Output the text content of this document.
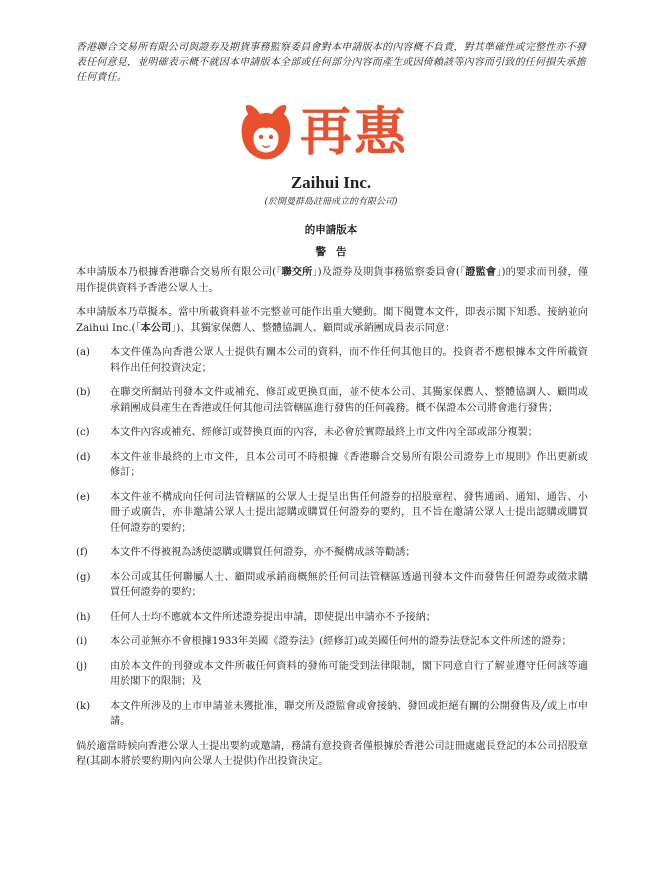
香港聯合交易所有限公司與證券及期貨事務監察委員會對本申請版本的內容概不負責，對其準確性或完整性亦不發表任何意見，並明確表示概不就因本申請版本全部或任何部分內容而產生或因倚賴該等內容而引致的任何損失承擔任何責任。
再惠
Zaihui Inc.
(於開曼群島註冊成立的有限公司)
的申請版本
警告

本申請版本乃根據香港聯合交易所有限公司(「聯交所」)及證券及期貨事務監察委員會(「證監會」)的要求而刊發，僅用作提供資料予香港公眾人士。

本申請版本乃草擬本。當中所載資料並不完整並可能作出重大變動。閣下閱覽本文件，即表示閣下知悉、接納並向Zaihui Inc.(「本公司」)、其獨家保薦人、整體協調人、顧問或承銷團成員表示同意：

(a)	本文件僅為向香港公眾人士提供有關本公司的資料，而不作任何其他目的。投資者不應根據本文件所載資料作出任何投資決定；
(b)	在聯交所網站刊發本文件或補充、修訂或更換頁面，並不使本公司、其獨家保薦人、整體協調人、顧問或承銷團成員產生在香港或任何其他司法管轄區進行發售的任何義務。概不保證本公司將會進行發售；
(c)	本文件內容或補充、經修訂或替換頁面的內容，未必會於實際最終上市文件內全部或部分複製；
(d)	本文件並非最終的上市文件，且本公司可不時根據《香港聯合交易所有限公司證券上市規則》作出更新或修訂；
(e)	本文件並不構成向任何司法管轄區的公眾人士提呈出售任何證券的招股章程、發售通函、通知、通告、小冊子或廣告，亦非邀請公眾人士提出認購或購買任何證券的要約，且不旨在邀請公眾人士提出認購或購買任何證券的要約；
(f)	本文件不得被視為誘使認購或購買任何證券，亦不擬構成該等勸誘；
(g)	本公司或其任何聯屬人士、顧問或承銷商概無於任何司法管轄區透過刊發本文件而發售任何證券或徵求購買任何證券的要約；
(h)	任何人士均不應就本文件所述證券提出申請，即使提出申請亦不予接納；
(i)	本公司並無亦不會根據1933年美國《證券法》(經修訂)或美國任何州的證券法登記本文件所述的證券；
(j)	由於本文件的刊發或本文件所載任何資料的發佈可能受到法律限制，閣下同意自行了解並遵守任何該等適用於閣下的限制；及
(k)	本文件所涉及的上市申請並未獲批准，聯交所及證監會或會接納、發回或拒絕有關的公開發售及╱或上市申請。

倘於適當時候向香港公眾人士提出要約或邀請，務請有意投資者僅根據於香港公司註冊處處長登記的本公司招股章程(其副本將於要約期內向公眾人士提供)作出投資決定。
